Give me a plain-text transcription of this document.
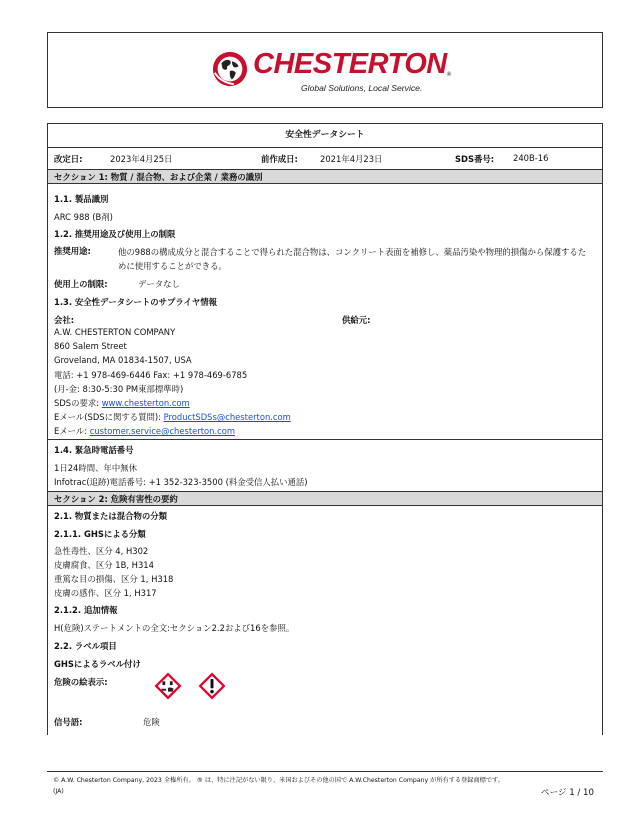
CHESTERTON®
Global Solutions, Local Service.
安全性データシート
改定日:	2023年4月25日	前作成日:	2021年4月23日	SDS番号: 240B-16
セクション 1: 物質 / 混合物、および企業 / 業務の識別
1.1. 製品識別
ARC 988 (B剤)
1.2. 推奨用途及び使用上の制限
推奨用途:	他の988の構成成分と混合することで得られた混合物は、コンクリート表面を補修し、薬品汚染や物理的損傷から保護するために使用することができる。
使用上の制限:	データなし
1.3. 安全性データシートのサプライヤ情報
会社:	供給元:
A.W. CHESTERTON COMPANY
860 Salem Street
Groveland, MA 01834-1507, USA
電話: +1 978-469-6446 Fax: +1 978-469-6785
(月-金: 8:30-5:30 PM東部標準時)
SDSの要求: www.chesterton.com
Eメール(SDSに関する質問): ProductSDSs@chesterton.com
Eメール: customer.service@chesterton.com
1.4. 緊急時電話番号
1日24時間、年中無休
Infotrac(追跡)電話番号: +1 352-323-3500 (料金受信人払い通話)
セクション 2: 危険有害性の要約
2.1. 物質または混合物の分類
2.1.1. GHSによる分類
急性毒性、区分 4, H302
皮膚腐食、区分 1B, H314
重篤な目の損傷、区分 1, H318
皮膚の感作、区分 1, H317
2.1.2. 追加情報
H(危険)ステートメントの全文:セクション2.2および16を参照。
2.2. ラベル項目
GHSによるラベル付け
危険の絵表示:
信号語:	危険
© A.W. Chesterton Company, 2023 全権所有。 ® は、特に注記がない限り、米国およびその他の国で A.W.Chesterton Company が所有する登録商標です。
(JA)	ページ 1 / 10
